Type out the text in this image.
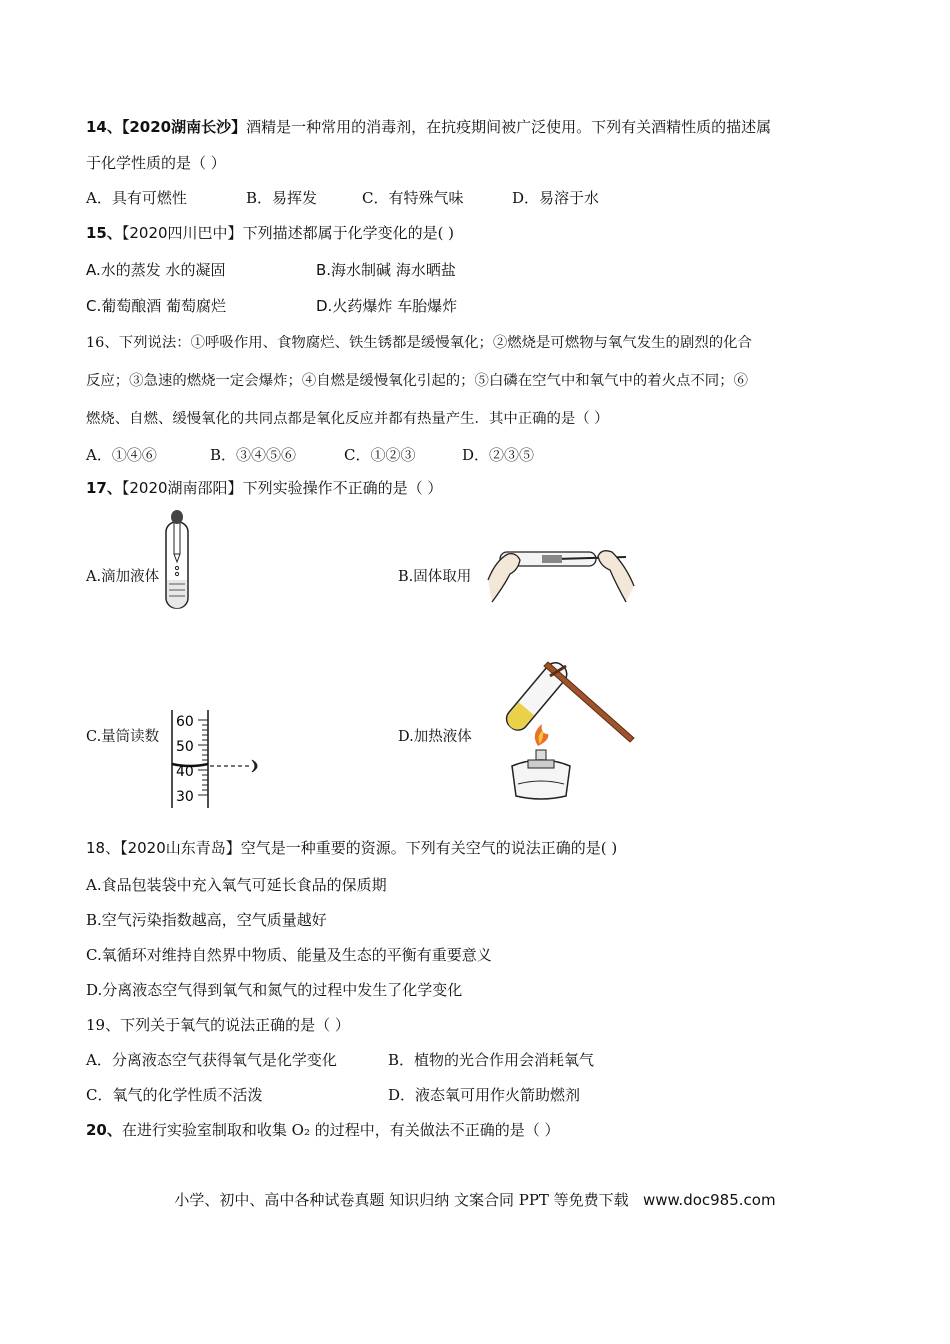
14、【2020湖南长沙】酒精是一种常用的消毒剂，在抗疫期间被广泛使用。下列有关酒精性质的描述属
于化学性质的是（ ）
A．具有可燃性	B．易挥发	C．有特殊气味	D．易溶于水
15、【2020四川巴中】下列描述都属于化学变化的是( )
A.水的蒸发 水的凝固	B.海水制碱 海水晒盐
C.葡萄酿酒 葡萄腐烂	D.火药爆炸 车胎爆炸
16、下列说法：①呼吸作用、食物腐烂、铁生锈都是缓慢氧化；②燃烧是可燃物与氧气发生的剧烈的化合
反应；③急速的燃烧一定会爆炸；④自燃是缓慢氧化引起的；⑤白磷在空气中和氧气中的着火点不同；⑥
燃烧、自燃、缓慢氧化的共同点都是氧化反应并都有热量产生．其中正确的是（ ）
A．①④⑥	B．③④⑤⑥	C．①②③	D．②③⑤
17、【2020湖南邵阳】下列实验操作不正确的是（ ）
A.滴加液体	B.固体取用
C.量筒读数
60
50
40
30
D.加热液体
18、【2020山东青岛】空气是一种重要的资源。下列有关空气的说法正确的是( )
A.食品包装袋中充入氧气可延长食品的保质期
B.空气污染指数越高，空气质量越好
C.氧循环对维持自然界中物质、能量及生态的平衡有重要意义
D.分离液态空气得到氧气和氮气的过程中发生了化学变化
19、下列关于氧气的说法正确的是（ ）
A．分离液态空气获得氧气是化学变化	B．植物的光合作用会消耗氧气
C．氧气的化学性质不活泼	D．液态氧可用作火箭助燃剂
20、在进行实验室制取和收集 O₂ 的过程中，有关做法不正确的是（ ）
小学、初中、高中各种试卷真题 知识归纳 文案合同 PPT 等免费下载 www.doc985.com
